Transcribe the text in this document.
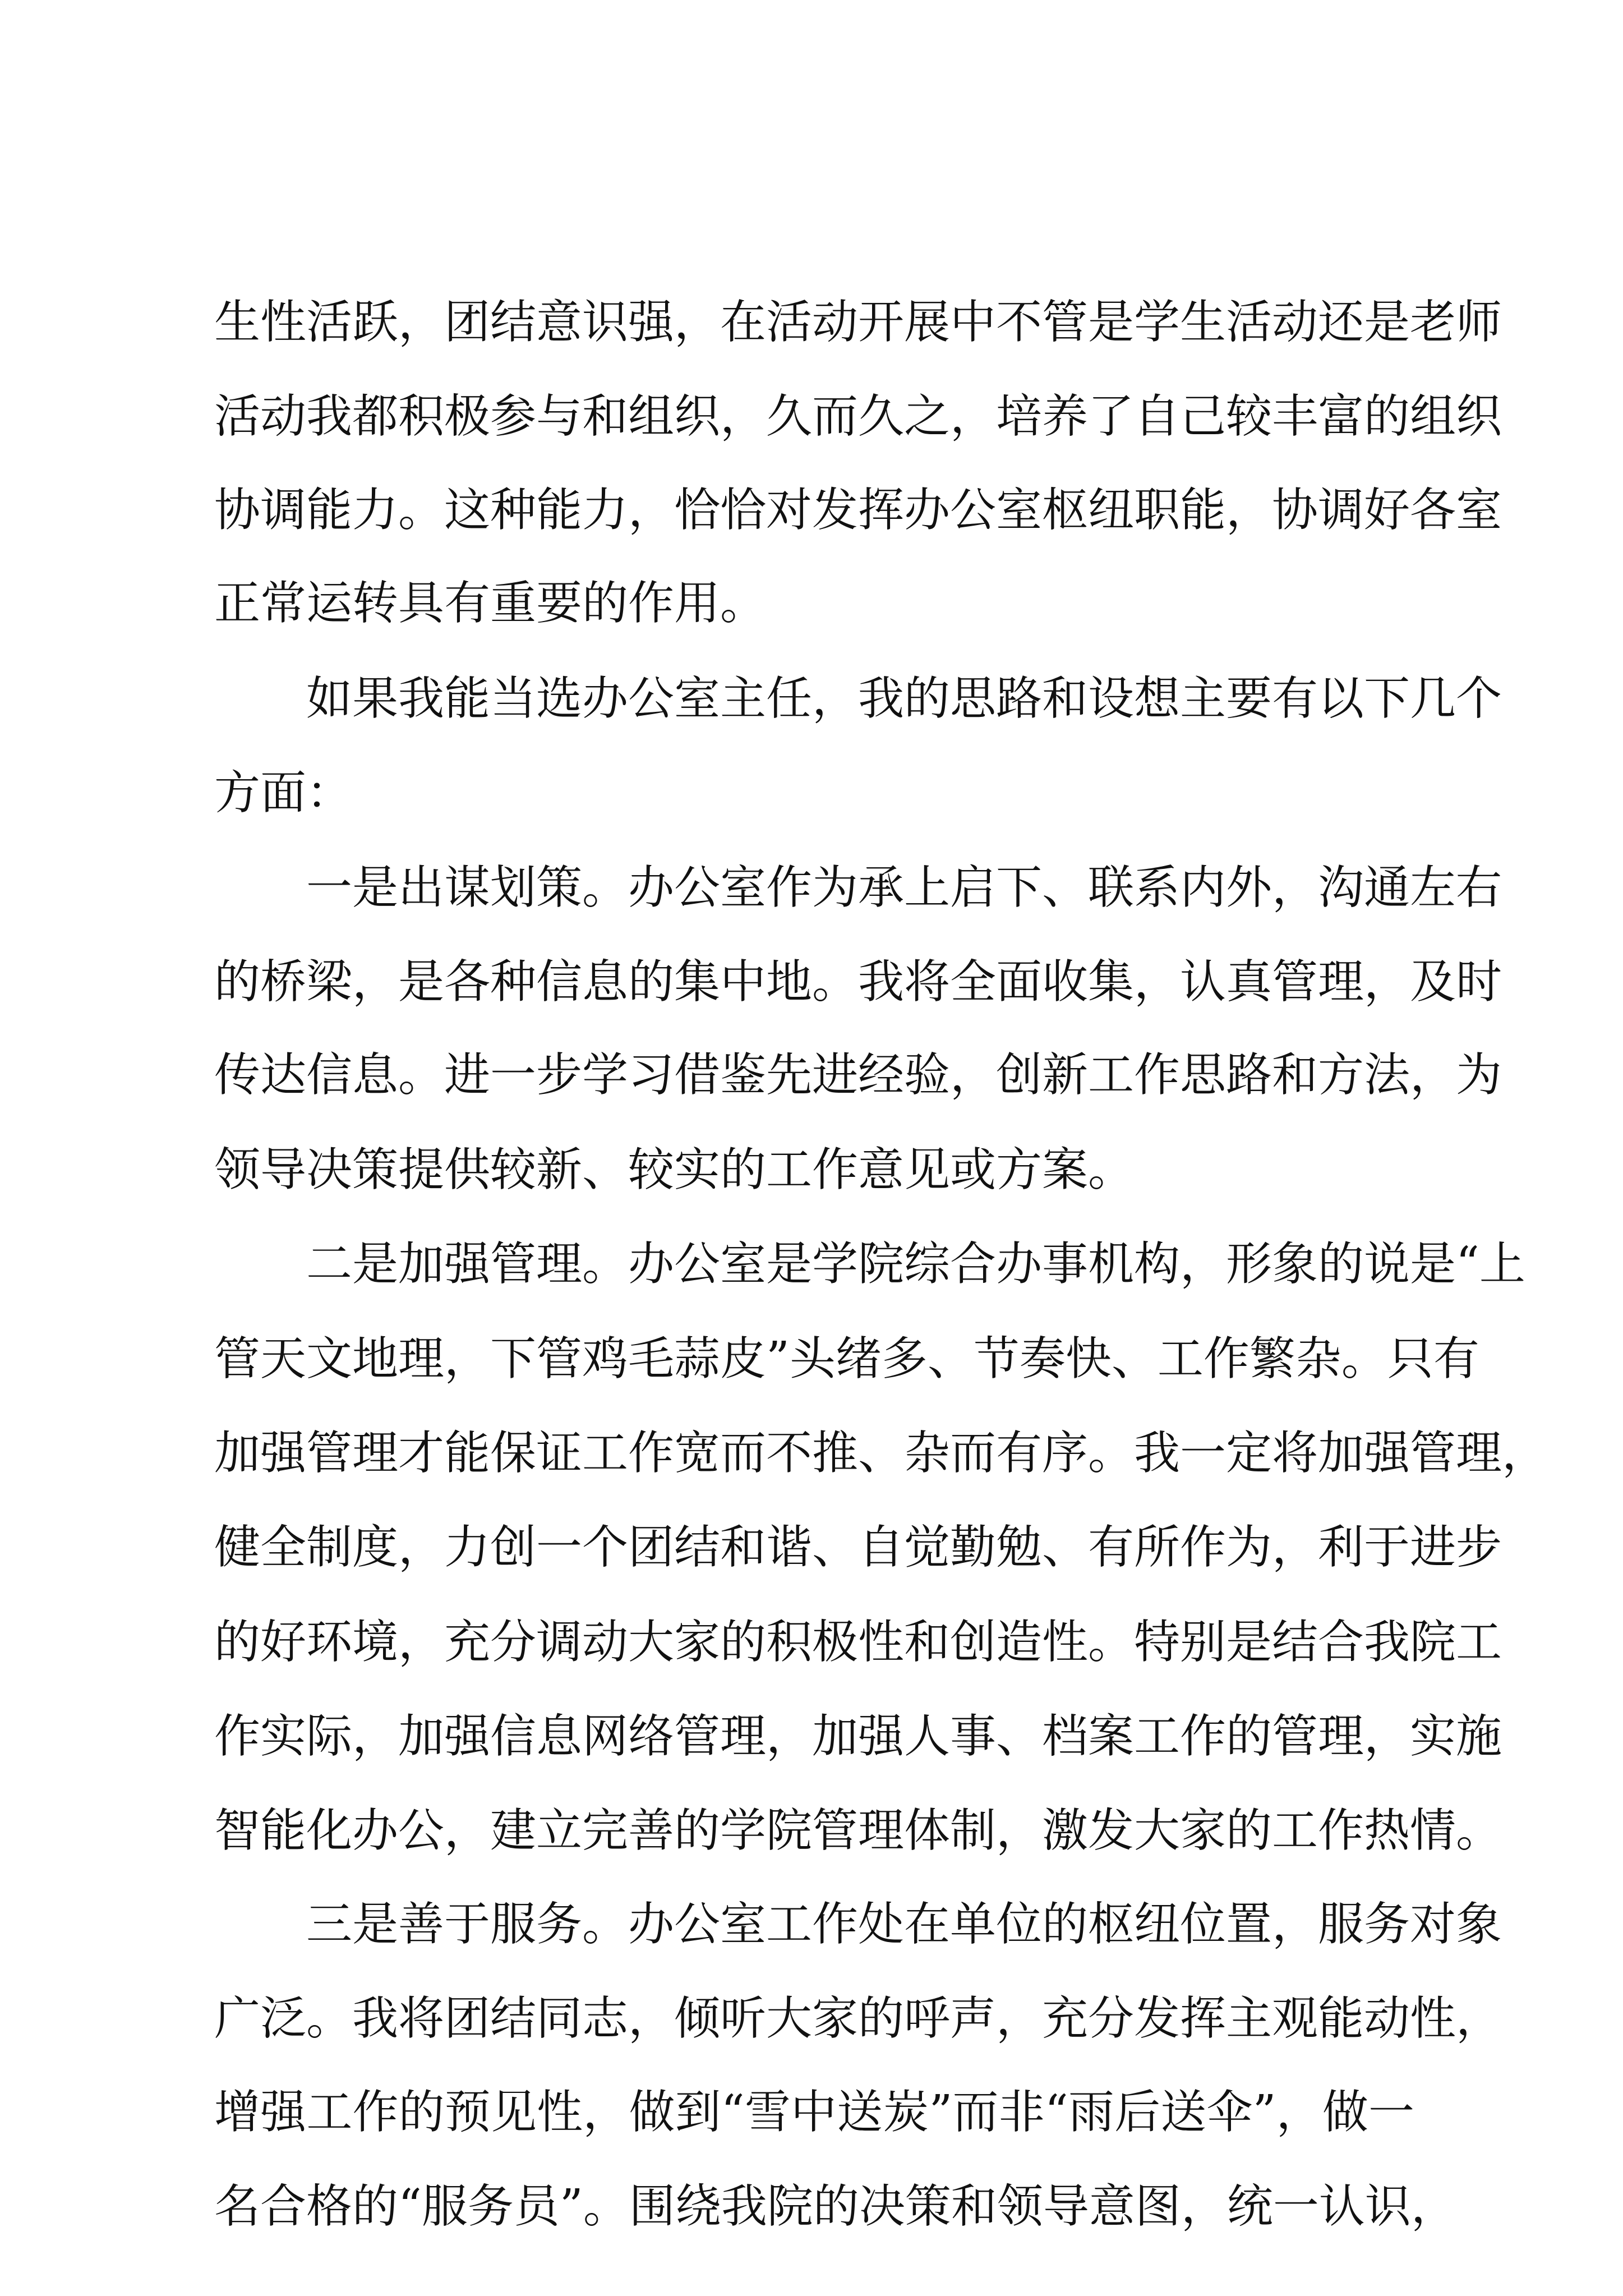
生性活跃，团结意识强，在活动开展中不管是学生活动还是老师
活动我都积极参与和组织，久而久之，培养了自己较丰富的组织
协调能力。这种能力，恰恰对发挥办公室枢纽职能，协调好各室
正常运转具有重要的作用。
如果我能当选办公室主任，我的思路和设想主要有以下几个
方面：
一是出谋划策。办公室作为承上启下、联系内外，沟通左右
的桥梁，是各种信息的集中地。我将全面收集，认真管理，及时
传达信息。进一步学习借鉴先进经验，创新工作思路和方法，为
领导决策提供较新、较实的工作意见或方案。
二是加强管理。办公室是学院综合办事机构，形象的说是“上
管天文地理，下管鸡毛蒜皮”头绪多、节奏快、工作繁杂。只有
加强管理才能保证工作宽而不推、杂而有序。我一定将加强管理，
健全制度，力创一个团结和谐、自觉勤勉、有所作为，利于进步
的好环境，充分调动大家的积极性和创造性。特别是结合我院工
作实际，加强信息网络管理，加强人事、档案工作的管理，实施
智能化办公，建立完善的学院管理体制，激发大家的工作热情。
三是善于服务。办公室工作处在单位的枢纽位置，服务对象
广泛。我将团结同志，倾听大家的呼声，充分发挥主观能动性，
增强工作的预见性，做到“雪中送炭”而非“雨后送伞”，做一
名合格的“服务员”。围绕我院的决策和领导意图，统一认识，
